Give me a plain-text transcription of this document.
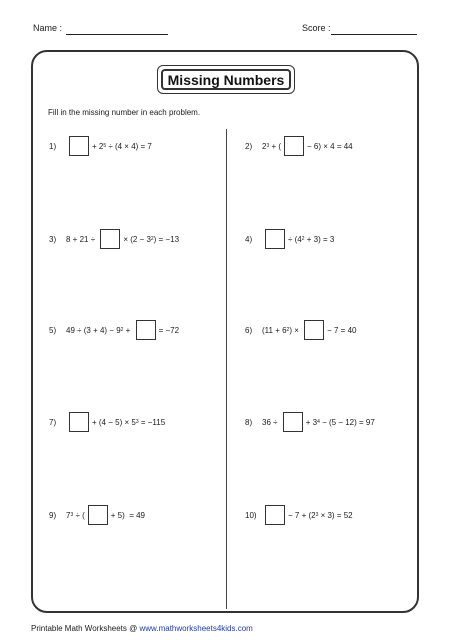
Name :	Score :
Missing Numbers
Fill in the missing number in each problem.
1)	+ 2 5 ÷ (4 × 4) = 7	2)	2 3 + (	− 6) × 4 = 44
3)	8 + 21 ÷	× (2 − 3 2 ) = −13	4)	÷ (4 2 + 3) = 3
5)	49 ÷ (3 + 4) − 9 2 +	= −72	6)	(11 + 6 2 ) ×	− 7 = 40
7)	+ (4 − 5) × 5 3 = −115	8)	36 ÷	+ 3 4 − (5 − 12) = 97
9)	7 3 ÷ (	+ 5)  = 49	10)	− 7 + (2 3 × 3) = 52
Printable Math Worksheets @ www.mathworksheets4kids.com
